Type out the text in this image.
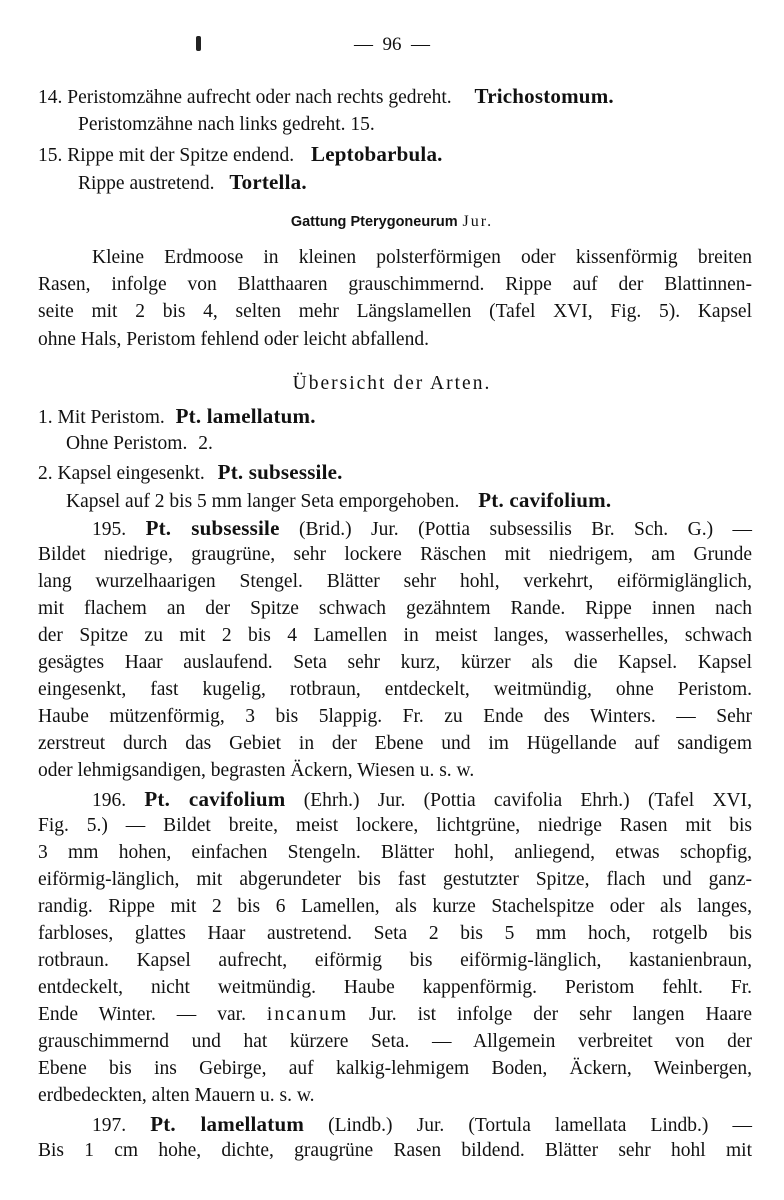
—  96  —
14. Peristomzähne aufrecht oder nach rechts gedreht. Trichostomum.
Peristomzähne nach links gedreht. 15.
15. Rippe mit der Spitze endend. Leptobarbula.
Rippe austretend. Tortella.
Gattung Pterygoneurum Jur.
Kleine Erdmoose in kleinen polsterförmigen oder kissenförmig breiten
Rasen, infolge von Blatthaaren grauschimmernd. Rippe auf der Blattinnen-
seite mit 2 bis 4, selten mehr Längslamellen (Tafel XVI, Fig. 5). Kapsel
ohne Hals, Peristom fehlend oder leicht abfallend.
Übersicht der Arten.
1. Mit Peristom. Pt. lamellatum.
Ohne Peristom. 2.
2. Kapsel eingesenkt. Pt. subsessile.
Kapsel auf 2 bis 5 mm langer Seta emporgehoben. Pt. cavifolium.
195. Pt. subsessile (Brid.) Jur. (Pottia subsessilis Br. Sch. G.) —
Bildet niedrige, graugrüne, sehr lockere Räschen mit niedrigem, am Grunde
lang wurzelhaarigen Stengel. Blätter sehr hohl, verkehrt, eiförmiglänglich,
mit flachem an der Spitze schwach gezähntem Rande. Rippe innen nach
der Spitze zu mit 2 bis 4 Lamellen in meist langes, wasserhelles, schwach
gesägtes Haar auslaufend. Seta sehr kurz, kürzer als die Kapsel. Kapsel
eingesenkt, fast kugelig, rotbraun, entdeckelt, weitmündig, ohne Peristom.
Haube mützenförmig, 3 bis 5lappig. Fr. zu Ende des Winters. — Sehr
zerstreut durch das Gebiet in der Ebene und im Hügellande auf sandigem
oder lehmigsandigen, begrasten Äckern, Wiesen u. s. w.
196. Pt. cavifolium (Ehrh.) Jur. (Pottia cavifolia Ehrh.) (Tafel XVI,
Fig. 5.) — Bildet breite, meist lockere, lichtgrüne, niedrige Rasen mit bis
3 mm hohen, einfachen Stengeln. Blätter hohl, anliegend, etwas schopfig,
eiförmig-länglich, mit abgerundeter bis fast gestutzter Spitze, flach und ganz-
randig. Rippe mit 2 bis 6 Lamellen, als kurze Stachelspitze oder als langes,
farbloses, glattes Haar austretend. Seta 2 bis 5 mm hoch, rotgelb bis
rotbraun. Kapsel aufrecht, eiförmig bis eiförmig-länglich, kastanienbraun,
entdeckelt, nicht weitmündig. Haube kappenförmig. Peristom fehlt. Fr.
Ende Winter. — var. incanum Jur. ist infolge der sehr langen Haare
grauschimmernd und hat kürzere Seta. — Allgemein verbreitet von der
Ebene bis ins Gebirge, auf kalkig-lehmigem Boden, Äckern, Weinbergen,
erdbedeckten, alten Mauern u. s. w.
197. Pt. lamellatum (Lindb.) Jur. (Tortula lamellata Lindb.) —
Bis 1 cm hohe, dichte, graugrüne Rasen bildend. Blätter sehr hohl mit
